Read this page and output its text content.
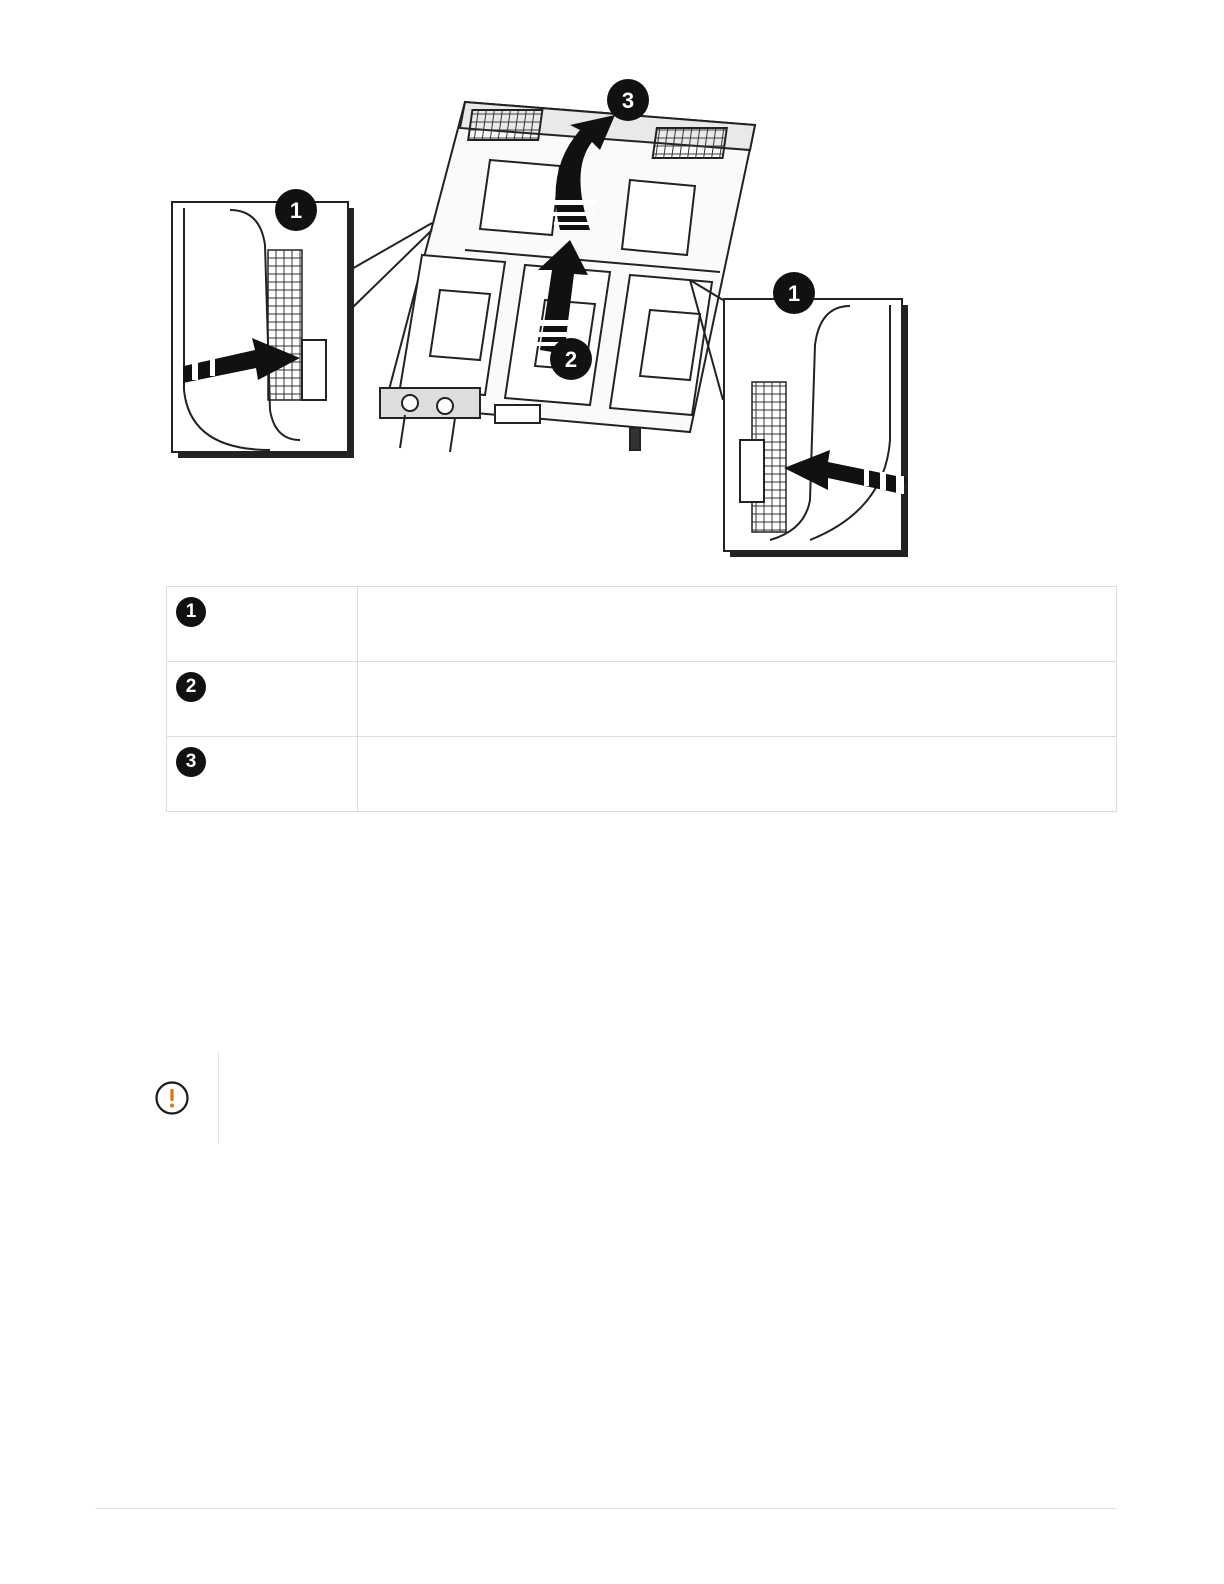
1
2
3
1
1	
2	
3	
